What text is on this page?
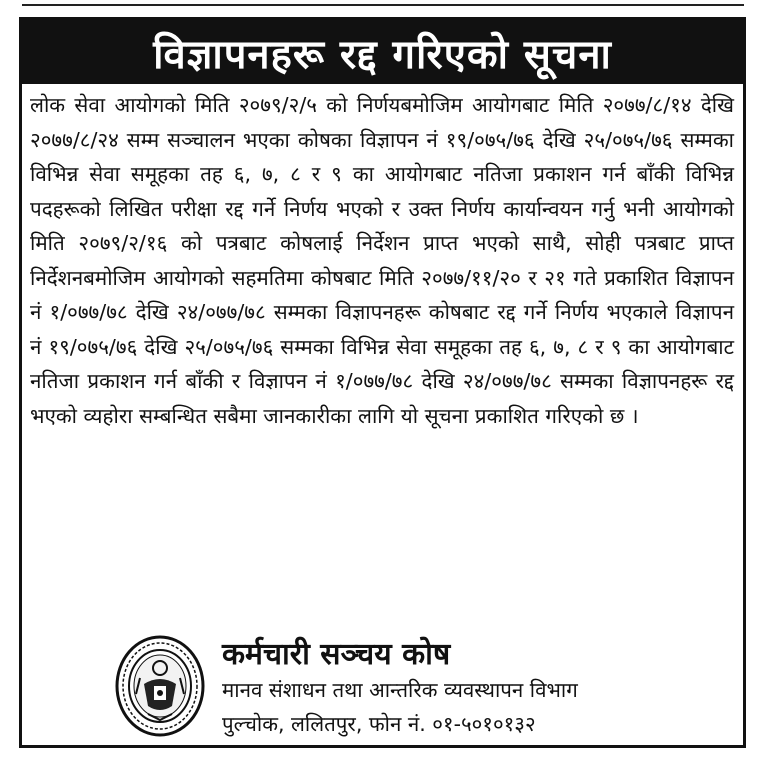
विज्ञापनहरू रद्द गरिएको सूचना
लोक सेवा आयोगको मिति २०७९/२/५ को निर्णयबमोजिम आयोगबाट मिति २०७७/८/१४ देखि २०७७/८/२४ सम्म सञ्चालन भएका कोषका विज्ञापन नं १९/०७५/७६ देखि २५/०७५/७६ सम्मका विभिन्न सेवा समूहका तह ६, ७, ८ र ९ का आयोगबाट नतिजा प्रकाशन गर्न बाँकी विभिन्न पदहरूको लिखित परीक्षा रद्द गर्ने निर्णय भएको र उक्त निर्णय कार्यान्वयन गर्नु भनी आयोगको मिति २०७९/२/१६ को पत्रबाट कोषलाई निर्देशन प्राप्त भएको साथै, सोही पत्रबाट प्राप्त निर्देशनबमोजिम आयोगको सहमतिमा कोषबाट मिति २०७७/११/२० र २१ गते प्रकाशित विज्ञापन नं १/०७७/७८ देखि २४/०७७/७८ सम्मका विज्ञापनहरू कोषबाट रद्द गर्ने निर्णय भएकाले विज्ञापन नं १९/०७५/७६ देखि २५/०७५/७६ सम्मका विभिन्न सेवा समूहका तह ६, ७, ८ र ९ का आयोगबाट नतिजा प्रकाशन गर्न बाँकी र विज्ञापन नं १/०७७/७८ देखि २४/०७७/७८ सम्मका विज्ञापनहरू रद्द भएको व्यहोरा सम्बन्धित सबैमा जानकारीका लागि यो सूचना प्रकाशित गरिएको छ ।
कर्मचारी सञ्चय कोष
मानव संशाधन तथा आन्तरिक व्यवस्थापन विभाग
पुल्चोक, ललितपुर, फोन नं. ०१-५०१०१३२
